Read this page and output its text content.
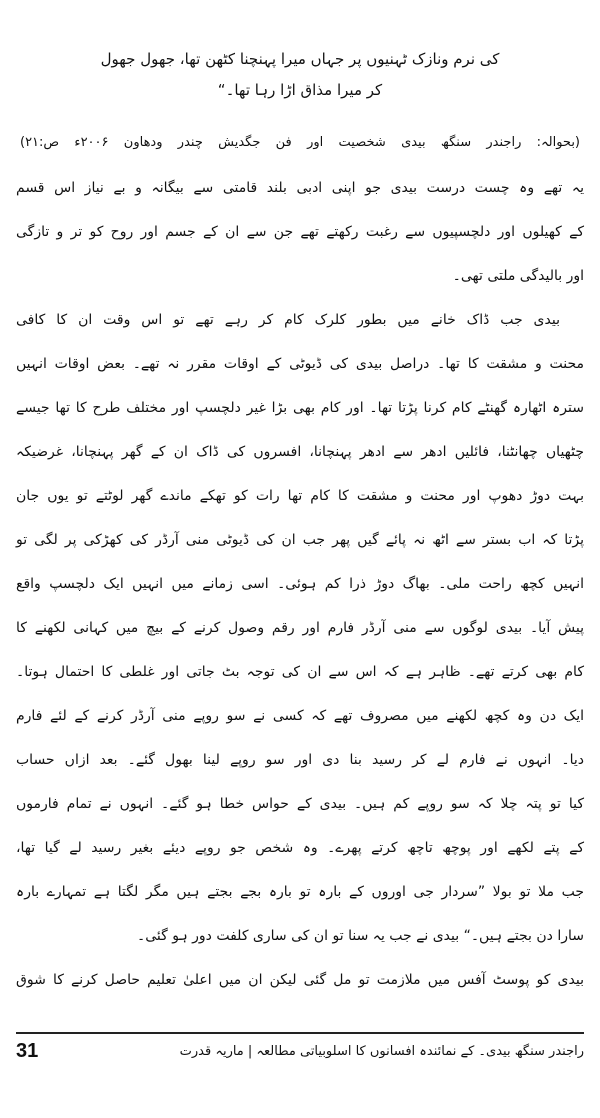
کی نرم ونازک ٹہنیوں پر جہاں میرا پہنچنا کٹھن تھا، جھول جھول
کر میرا مذاق اڑا رہا تھا۔“
(بحوالہ: راجندر سنگھ بیدی شخصیت اور فن جگدیش چندر ودھاون ۲۰۰۶ء ص:۲۱)
یہ تھے وہ چست درست بیدی جو اپنی ادبی بلند قامتی سے بیگانہ و بے نیاز اس قسم
کے کھیلوں اور دلچسپیوں سے رغبت رکھتے تھے جن سے ان کے جسم اور روح کو تر و تازگی
اور بالیدگی ملتی تھی۔
بیدی جب ڈاک خانے میں بطور کلرک کام کر رہے تھے تو اس وقت ان کا کافی
محنت و مشقت کا تھا۔ دراصل بیدی کی ڈیوٹی کے اوقات مقرر نہ تھے۔ بعض اوقات انہیں
سترہ اٹھارہ گھنٹے کام کرنا پڑتا تھا۔ اور کام بھی بڑا غیر دلچسپ اور مختلف طرح کا تھا جیسے
چٹھیاں چھانٹنا، فائلیں ادھر سے ادھر پہنچانا، افسروں کی ڈاک ان کے گھر پہنچانا، غرضیکہ
بہت دوڑ دھوپ اور محنت و مشقت کا کام تھا رات کو تھکے ماندے گھر لوٹتے تو یوں جان
پڑتا کہ اب بستر سے اٹھ نہ پائے گیں پھر جب ان کی ڈیوٹی منی آرڈر کی کھڑکی پر لگی تو
انہیں کچھ راحت ملی۔ بھاگ دوڑ ذرا کم ہوئی۔ اسی زمانے میں انہیں ایک دلچسپ واقع
پیش آیا۔ بیدی لوگوں سے منی آرڈر فارم اور رقم وصول کرنے کے بیچ میں کہانی لکھنے کا
کام بھی کرتے تھے۔ ظاہر ہے کہ اس سے ان کی توجہ بٹ جاتی اور غلطی کا احتمال ہوتا۔
ایک دن وہ کچھ لکھنے میں مصروف تھے کہ کسی نے سو روپے منی آرڈر کرنے کے لئے فارم
دیا۔ انہوں نے فارم لے کر رسید بنا دی اور سو روپے لینا بھول گئے۔ بعد ازاں حساب
کیا تو پتہ چلا کہ سو روپے کم ہیں۔ بیدی کے حواس خطا ہو گئے۔ انہوں نے تمام فارموں
کے پتے لکھے اور پوچھ تاچھ کرتے پھرے۔ وہ شخص جو روپے دیئے بغیر رسید لے گیا تھا،
جب ملا تو بولا ”سردار جی اوروں کے بارہ تو بارہ بجے بجتے ہیں مگر لگتا ہے تمہارے بارہ
سارا دن بجتے ہیں۔“ بیدی نے جب یہ سنا تو ان کی ساری کلفت دور ہو گئی۔
بیدی کو پوسٹ آفس میں ملازمت تو مل گئی لیکن ان میں اعلیٰ تعلیم حاصل کرنے کا شوق
31	راجندر سنگھ بیدی۔ کے نمائندہ افسانوں کا اسلوبیاتی مطالعہ | ماریہ قدرت
